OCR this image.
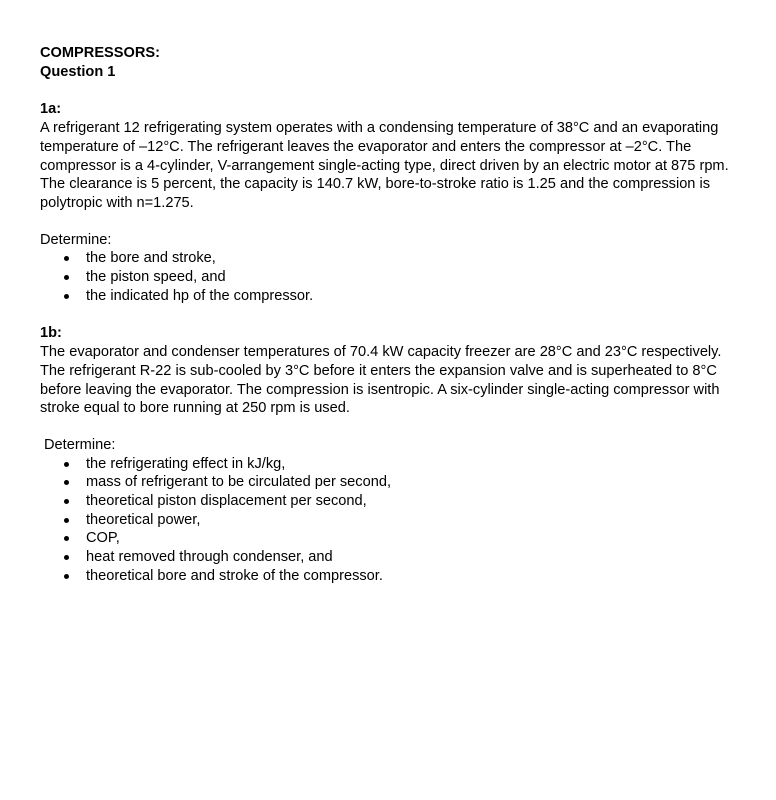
COMPRESSORS:

Question 1

1a:

A refrigerant 12 refrigerating system operates with a condensing temperature of 38°C and an evaporating temperature of –12°C. The refrigerant leaves the evaporator and enters the compressor at –2°C. The compressor is a 4-cylinder, V-arrangement single-acting type, direct driven by an electric motor at 875 rpm. The clearance is 5 percent, the capacity is 140.7 kW, bore-to-stroke ratio is 1.25 and the compression is polytropic with n=1.275.

Determine:

the bore and stroke,
the piston speed, and
the indicated hp of the compressor.

1b:

The evaporator and condenser temperatures of 70.4 kW capacity freezer are 28°C and 23°C respectively. The refrigerant R-22 is sub-cooled by 3°C before it enters the expansion valve and is superheated to 8°C before leaving the evaporator. The compression is isentropic. A six-cylinder single-acting compressor with stroke equal to bore running at 250 rpm is used.

Determine:

the refrigerating effect in kJ/kg,
mass of refrigerant to be circulated per second,
theoretical piston displacement per second,
theoretical power,
COP,
heat removed through condenser, and
theoretical bore and stroke of the compressor.
